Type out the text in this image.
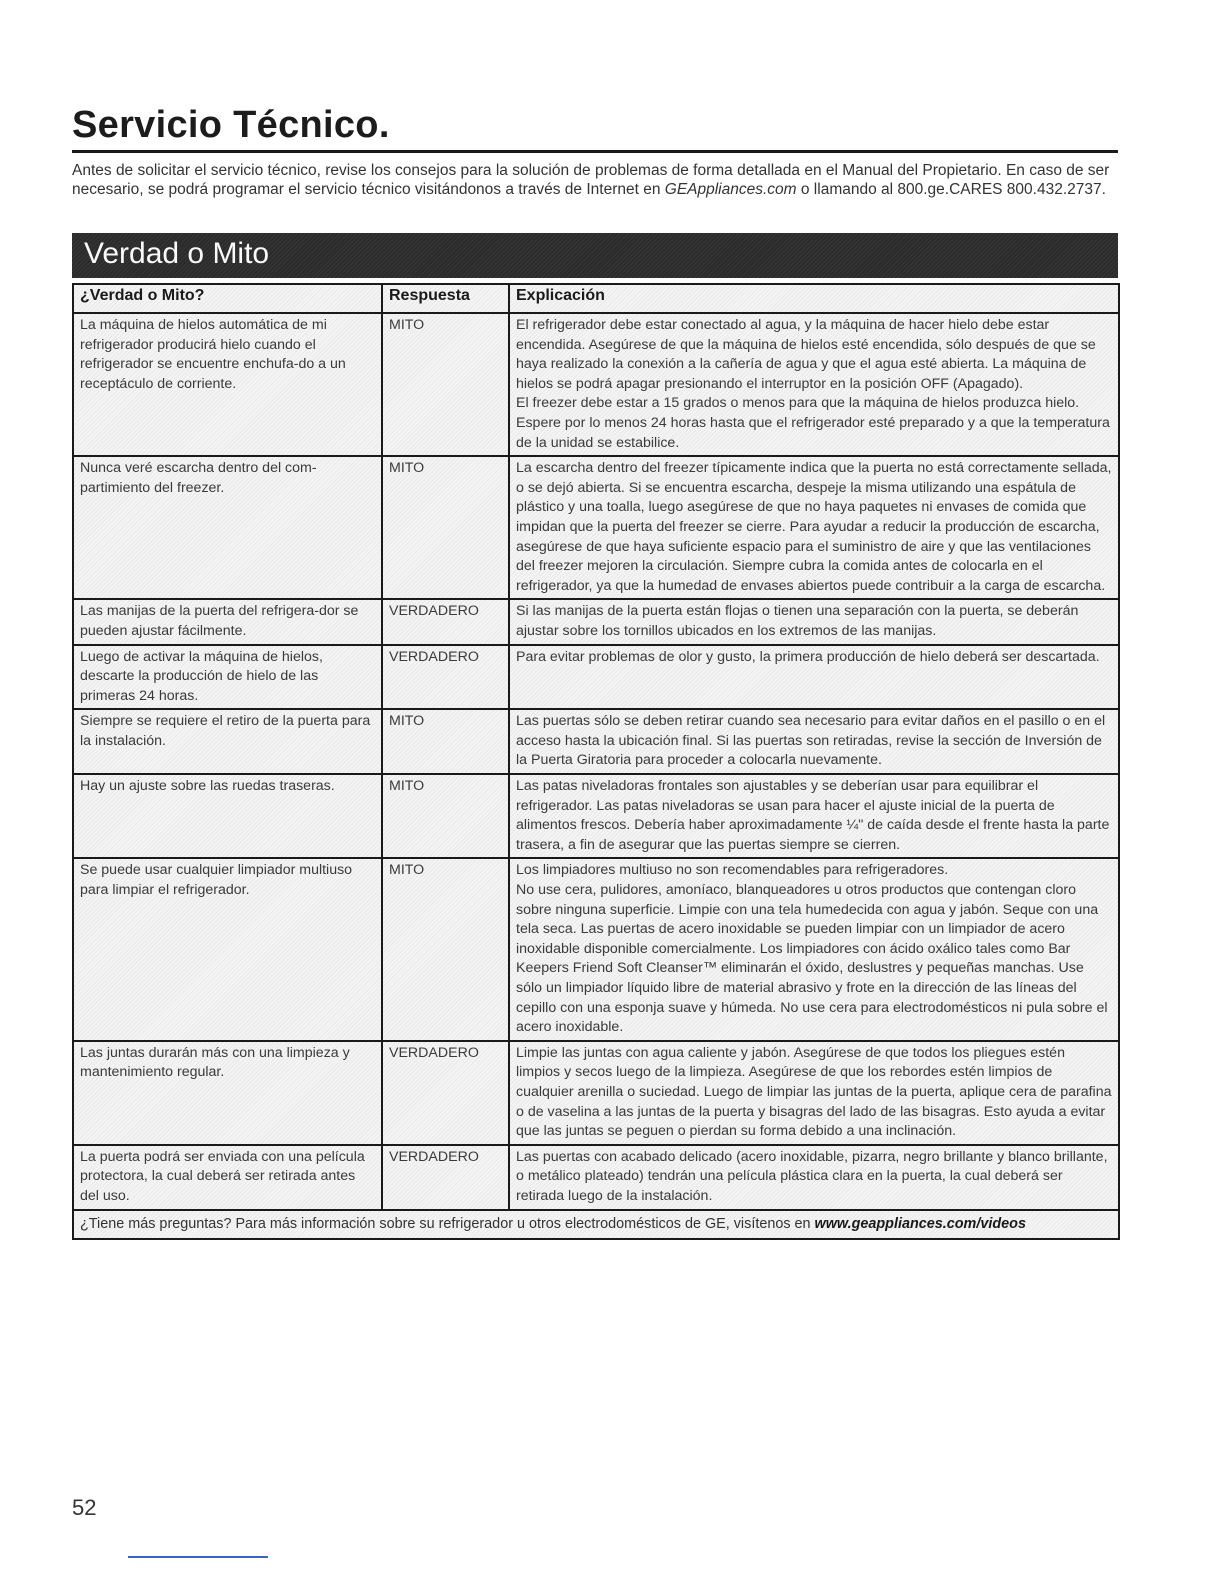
Servicio Técnico.
Antes de solicitar el servicio técnico, revise los consejos para la solución de problemas de forma detallada en el Manual del Propietario. En caso de ser necesario, se podrá programar el servicio técnico visitándonos a través de Internet en GEAppliances.com o llamando al 800.ge.CARES 800.432.2737.
Verdad o Mito
¿Verdad o Mito?	Respuesta	Explicación
La máquina de hielos automática de mi refrigerador producirá hielo cuando el refrigerador se encuentre enchufa-do a un receptáculo de corriente.	MITO	El refrigerador debe estar conectado al agua, y la máquina de hacer hielo debe estar encendida. Asegúrese de que la máquina de hielos esté encendida, sólo después de que se haya realizado la conexión a la cañería de agua y que el agua esté abierta. La máquina de hielos se podrá apagar presionando el interruptor en la posición OFF (Apagado).
El freezer debe estar a 15 grados o menos para que la máquina de hielos produzca hielo. Espere por lo menos 24 horas hasta que el refrigerador esté preparado y a que la temperatura de la unidad se estabilice.
Nunca veré escarcha dentro del com-partimiento del freezer.	MITO	La escarcha dentro del freezer típicamente indica que la puerta no está correctamente sellada, o se dejó abierta. Si se encuentra escarcha, despeje la misma utilizando una espátula de plástico y una toalla, luego asegúrese de que no haya paquetes ni envases de comida que impidan que la puerta del freezer se cierre. Para ayudar a reducir la producción de escarcha, asegúrese de que haya suficiente espacio para el suministro de aire y que las ventilaciones del freezer mejoren la circulación. Siempre cubra la comida antes de colocarla en el refrigerador, ya que la humedad de envases abiertos puede contribuir a la carga de escarcha.
Las manijas de la puerta del refrigera-dor se pueden ajustar fácilmente.	VERDADERO	Si las manijas de la puerta están flojas o tienen una separación con la puerta, se deberán ajustar sobre los tornillos ubicados en los extremos de las manijas.
Luego de activar la máquina de hielos, descarte la producción de hielo de las primeras 24 horas.	VERDADERO	Para evitar problemas de olor y gusto, la primera producción de hielo deberá ser descartada.
Siempre se requiere el retiro de la puerta para la instalación.	MITO	Las puertas sólo se deben retirar cuando sea necesario para evitar daños en el pasillo o en el acceso hasta la ubicación final. Si las puertas son retiradas, revise la sección de Inversión de la Puerta Giratoria para proceder a colocarla nuevamente.
Hay un ajuste sobre las ruedas traseras.	MITO	Las patas niveladoras frontales son ajustables y se deberían usar para equilibrar el refrigerador. Las patas niveladoras se usan para hacer el ajuste inicial de la puerta de alimentos frescos. Debería haber aproximadamente ¼" de caída desde el frente hasta la parte trasera, a fin de asegurar que las puertas siempre se cierren.
Se puede usar cualquier limpiador multiuso para limpiar el refrigerador.	MITO	Los limpiadores multiuso no son recomendables para refrigeradores.
No use cera, pulidores, amoníaco, blanqueadores u otros productos que contengan cloro sobre ninguna superficie. Limpie con una tela humedecida con agua y jabón. Seque con una tela seca. Las puertas de acero inoxidable se pueden limpiar con un limpiador de acero inoxidable disponible comercialmente. Los limpiadores con ácido oxálico tales como Bar Keepers Friend Soft Cleanser™ eliminarán el óxido, deslustres y pequeñas manchas. Use sólo un limpiador líquido libre de material abrasivo y frote en la dirección de las líneas del cepillo con una esponja suave y húmeda. No use cera para electrodomésticos ni pula sobre el acero inoxidable.
Las juntas durarán más con una limpieza y mantenimiento regular.	VERDADERO	Limpie las juntas con agua caliente y jabón. Asegúrese de que todos los pliegues estén limpios y secos luego de la limpieza. Asegúrese de que los rebordes estén limpios de cualquier arenilla o suciedad. Luego de limpiar las juntas de la puerta, aplique cera de parafina o de vaselina a las juntas de la puerta y bisagras del lado de las bisagras. Esto ayuda a evitar que las juntas se peguen o pierdan su forma debido a una inclinación.
La puerta podrá ser enviada con una película protectora, la cual deberá ser retirada antes del uso.	VERDADERO	Las puertas con acabado delicado (acero inoxidable, pizarra, negro brillante y blanco brillante, o metálico plateado) tendrán una película plástica clara en la puerta, la cual deberá ser retirada luego de la instalación.
¿Tiene más preguntas? Para más información sobre su refrigerador u otros electrodomésticos de GE, visítenos en www.geappliances.com/videos		
52
